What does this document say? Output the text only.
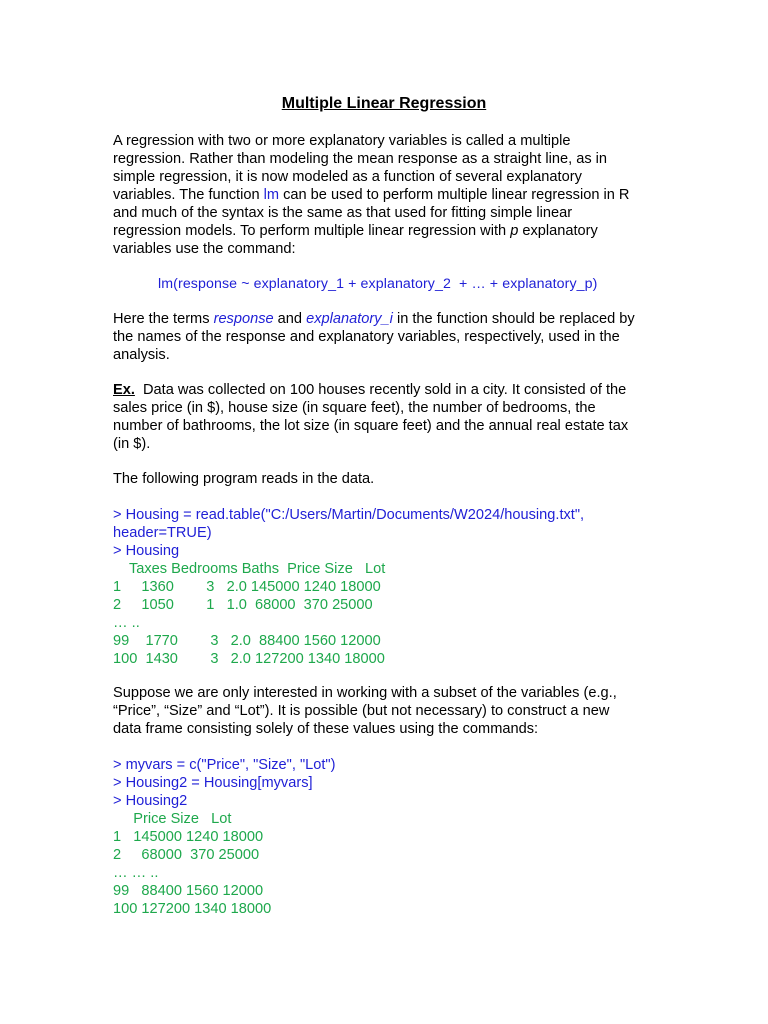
Multiple Linear Regression
A regression with two or more explanatory variables is called a multiple
regression. Rather than modeling the mean response as a straight line, as in
simple regression, it is now modeled as a function of several explanatory
variables. The function lm can be used to perform multiple linear regression in R
and much of the syntax is the same as that used for fitting simple linear
regression models. To perform multiple linear regression with p explanatory
variables use the command:
lm(response ~ explanatory_1 + explanatory_2  + … + explanatory_p)
Here the terms response and explanatory_i in the function should be replaced by
the names of the response and explanatory variables, respectively, used in the
analysis.
Ex.  Data was collected on 100 houses recently sold in a city. It consisted of the
sales price (in $), house size (in square feet), the number of bedrooms, the
number of bathrooms, the lot size (in square feet) and the annual real estate tax
(in $).
The following program reads in the data.
> Housing = read.table("C:/Users/Martin/Documents/W2024/housing.txt",
header=TRUE)
> Housing
Taxes Bedrooms Baths  Price Size   Lot
1     1360        3   2.0 145000 1240 18000
2     1050        1   1.0  68000  370 25000
… ..
99    1770        3   2.0  88400 1560 12000
100  1430        3   2.0 127200 1340 18000
Suppose we are only interested in working with a subset of the variables (e.g.,
“Price”, “Size” and “Lot”). It is possible (but not necessary) to construct a new
data frame consisting solely of these values using the commands:
> myvars = c("Price", "Size", "Lot")
> Housing2 = Housing[myvars]
> Housing2
Price Size   Lot
1   145000 1240 18000
2     68000  370 25000
… … ..
99   88400 1560 12000
100 127200 1340 18000
